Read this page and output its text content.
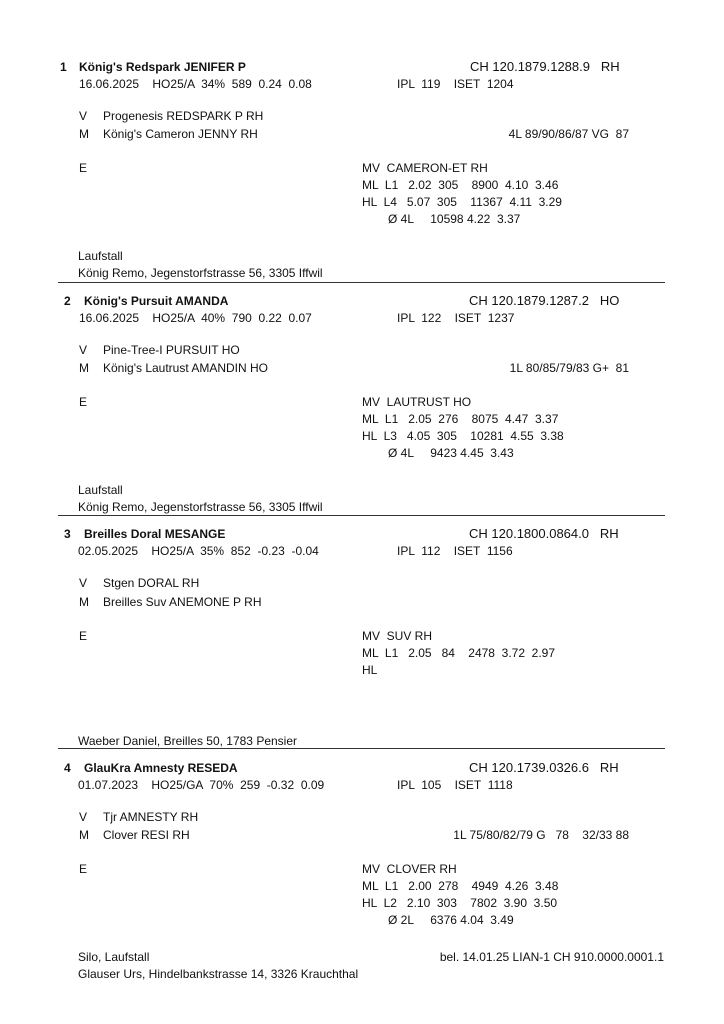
1 König's Redspark JENIFER P	CH 120.1879.1288.9   RH
16.06.2025    HO25/A  34%  589  0.24  0.08	IPL  119    ISET  1204
V Progenesis REDSPARK P RH
M König's Cameron JENNY RH	4L 89/90/86/87 VG  87
E	MV  CAMERON-ET RH
ML  L1   2.02  305    8900  4.10  3.46
HL  L4   5.07  305    11367  4.11  3.29
Ø 4L     10598 4.22  3.37
Laufstall
König Remo, Jegenstorfstrasse 56, 3305 Iffwil
2 König's Pursuit AMANDA	CH 120.1879.1287.2   HO
16.06.2025    HO25/A  40%  790  0.22  0.07	IPL  122    ISET  1237
V Pine-Tree-I PURSUIT HO
M König's Lautrust AMANDIN HO	1L 80/85/79/83 G+  81
E	MV  LAUTRUST HO
ML  L1   2.05  276    8075  4.47  3.37
HL  L3   4.05  305    10281  4.55  3.38
Ø 4L     9423 4.45  3.43
Laufstall
König Remo, Jegenstorfstrasse 56, 3305 Iffwil
3 Breilles Doral MESANGE	CH 120.1800.0864.0   RH
02.05.2025    HO25/A  35%  852  -0.23  -0.04	IPL  112    ISET  1156
V Stgen DORAL RH
M Breilles Suv ANEMONE P RH
E	MV  SUV RH
ML  L1   2.05   84    2478  3.72  2.97
HL
Waeber Daniel, Breilles 50, 1783 Pensier
4 GlauKra Amnesty RESEDA	CH 120.1739.0326.6   RH
01.07.2023    HO25/GA  70%  259  -0.32  0.09	IPL  105    ISET  1118
V Tjr AMNESTY RH
M Clover RESI RH	1L 75/80/82/79 G   78    32/33 88
E	MV  CLOVER RH
ML  L1   2.00  278    4949  4.26  3.48
HL  L2   2.10  303    7802  3.90  3.50
Ø 2L     6376 4.04  3.49
Silo, Laufstall	bel. 14.01.25 LIAN-1 CH 910.0000.0001.1
Glauser Urs, Hindelbankstrasse 14, 3326 Krauchthal
